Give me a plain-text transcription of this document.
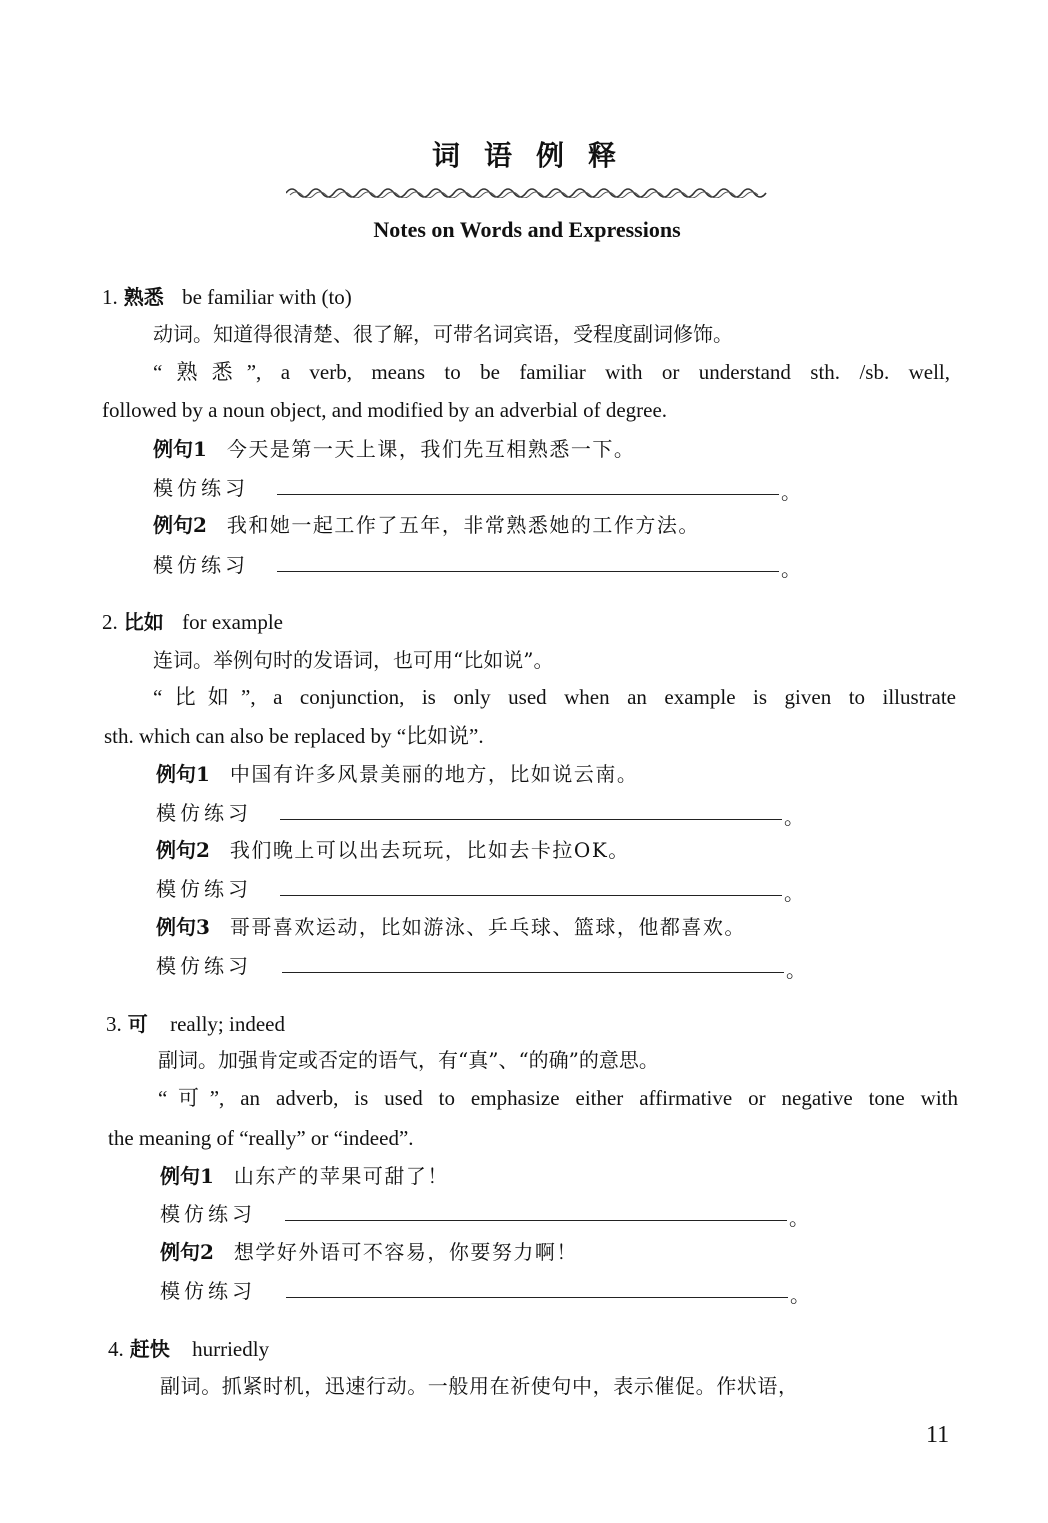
词语例释
Notes on Words and Expressions
1. 熟悉 be familiar with (to)
动词。知道得很清楚、很了解，可带名词宾语，受程度副词修饰。
“熟悉”, a verb, means to be familiar with or understand sth. /sb. well,
followed by a noun object, and modified by an adverbial of degree.
例句1 今天是第一天上课，我们先互相熟悉一下。
模仿练习	。
例句2 我和她一起工作了五年，非常熟悉她的工作方法。
模仿练习	。
2. 比如 for example
连词。举例句时的发语词，也可用“比如说”。
“比如”, a conjunction, is only used when an example is given to illustrate
sth. which can also be replaced by “比如说”.
例句1 中国有许多风景美丽的地方，比如说云南。
模仿练习	。
例句2 我们晚上可以出去玩玩，比如去卡拉OK。
模仿练习	。
例句3 哥哥喜欢运动，比如游泳、乒乓球、篮球，他都喜欢。
模仿练习	。
3. 可 really; indeed
副词。加强肯定或否定的语气，有“真”、“的确”的意思。
“可”, an adverb, is used to emphasize either affirmative or negative tone with
the meaning of “really” or “indeed”.
例句1 山东产的苹果可甜了！
模仿练习	。
例句2 想学好外语可不容易，你要努力啊！
模仿练习	。
4. 赶快 hurriedly
副词。抓紧时机，迅速行动。一般用在祈使句中，表示催促。作状语，
11
